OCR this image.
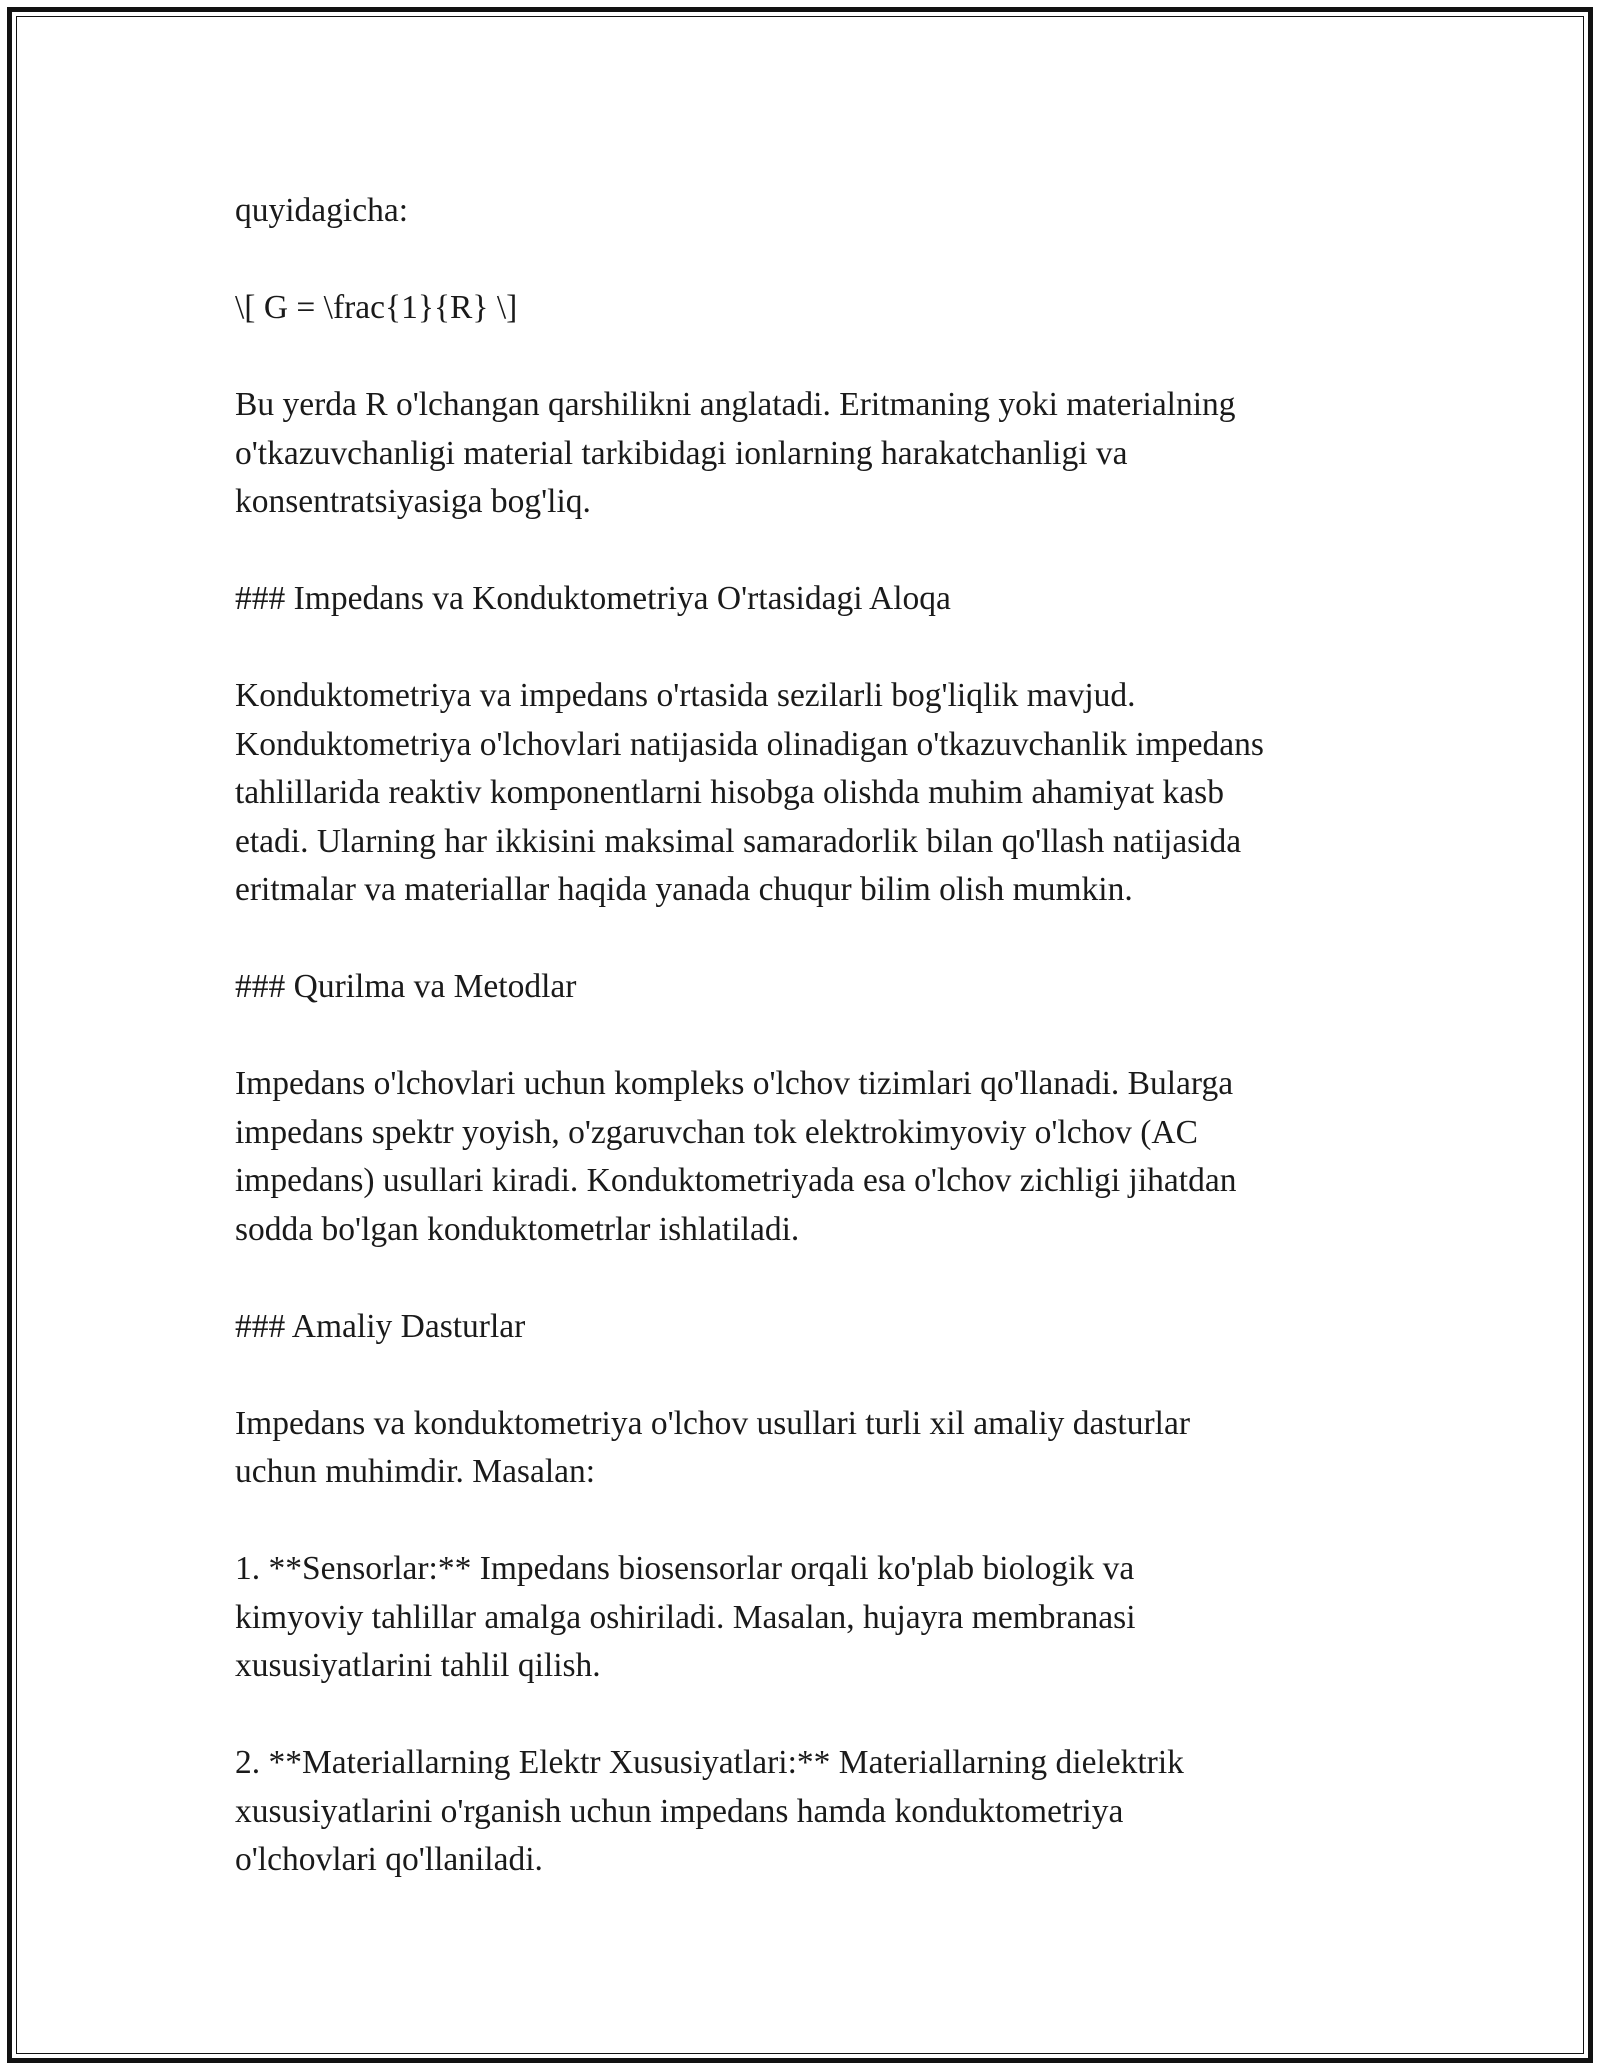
quyidagicha:
\[ G = \frac{1}{R} \]
Bu yerda R o'lchangan qarshilikni anglatadi. Eritmaning yoki materialning
o'tkazuvchanligi material tarkibidagi ionlarning harakatchanligi va
konsentratsiyasiga bog'liq.
### Impedans va Konduktometriya O'rtasidagi Aloqa
Konduktometriya va impedans o'rtasida sezilarli bog'liqlik mavjud.
Konduktometriya o'lchovlari natijasida olinadigan o'tkazuvchanlik impedans
tahlillarida reaktiv komponentlarni hisobga olishda muhim ahamiyat kasb
etadi. Ularning har ikkisini maksimal samaradorlik bilan qo'llash natijasida
eritmalar va materiallar haqida yanada chuqur bilim olish mumkin.
### Qurilma va Metodlar
Impedans o'lchovlari uchun kompleks o'lchov tizimlari qo'llanadi. Bularga
impedans spektr yoyish, o'zgaruvchan tok elektrokimyoviy o'lchov (AC
impedans) usullari kiradi. Konduktometriyada esa o'lchov zichligi jihatdan
sodda bo'lgan konduktometrlar ishlatiladi.
### Amaliy Dasturlar
Impedans va konduktometriya o'lchov usullari turli xil amaliy dasturlar
uchun muhimdir. Masalan:
1. **Sensorlar:** Impedans biosensorlar orqali ko'plab biologik va
kimyoviy tahlillar amalga oshiriladi. Masalan, hujayra membranasi
xususiyatlarini tahlil qilish.
2. **Materiallarning Elektr Xususiyatlari:** Materiallarning dielektrik
xususiyatlarini o'rganish uchun impedans hamda konduktometriya
o'lchovlari qo'llaniladi.
